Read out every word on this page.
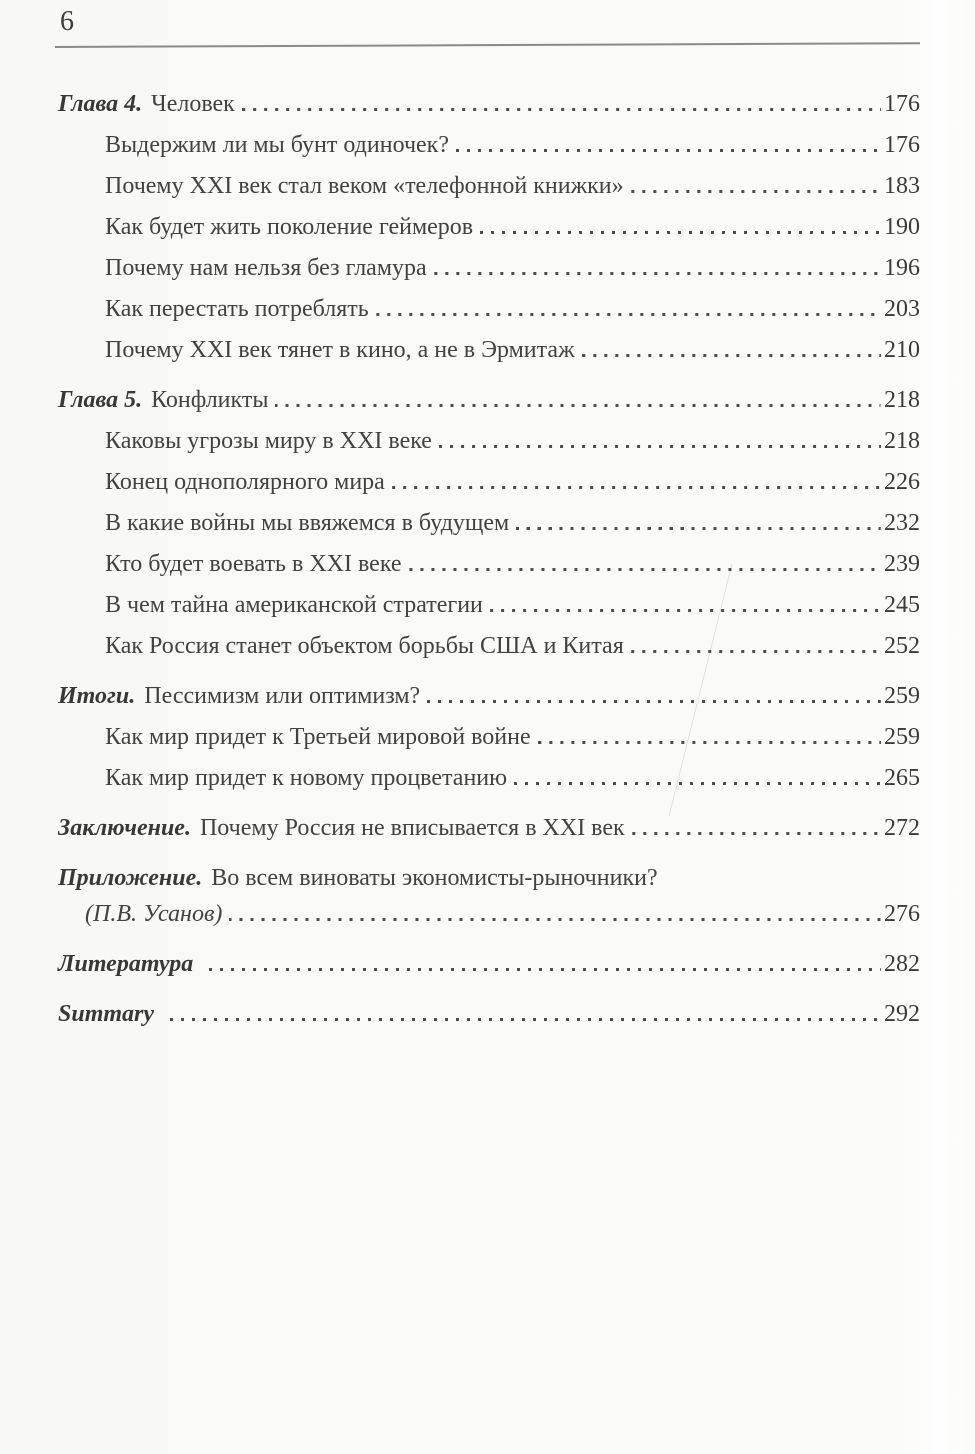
6
Глава 4. Человек	176
Выдержим ли мы бунт одиночек?	176
Почему XXI век стал веком «телефонной книжки»	183
Как будет жить поколение геймеров	190
Почему нам нельзя без гламура	196
Как перестать потреблять	203
Почему XXI век тянет в кино, а не в Эрмитаж	210
Глава 5. Конфликты	218
Каковы угрозы миру в XXI веке	218
Конец однополярного мира	226
В какие войны мы ввяжемся в будущем	232
Кто будет воевать в XXI веке	239
В чем тайна американской стратегии	245
Как Россия станет объектом борьбы США и Китая	252
Итоги. Пессимизм или оптимизм?	259
Как мир придет к Третьей мировой войне	259
Как мир придет к новому процветанию	265
Заключение. Почему Россия не вписывается в XXI век	272
Приложение. Во всем виноваты экономисты-рыночники?
(П.В. Усанов)	276
Литература	282
Summary	292
